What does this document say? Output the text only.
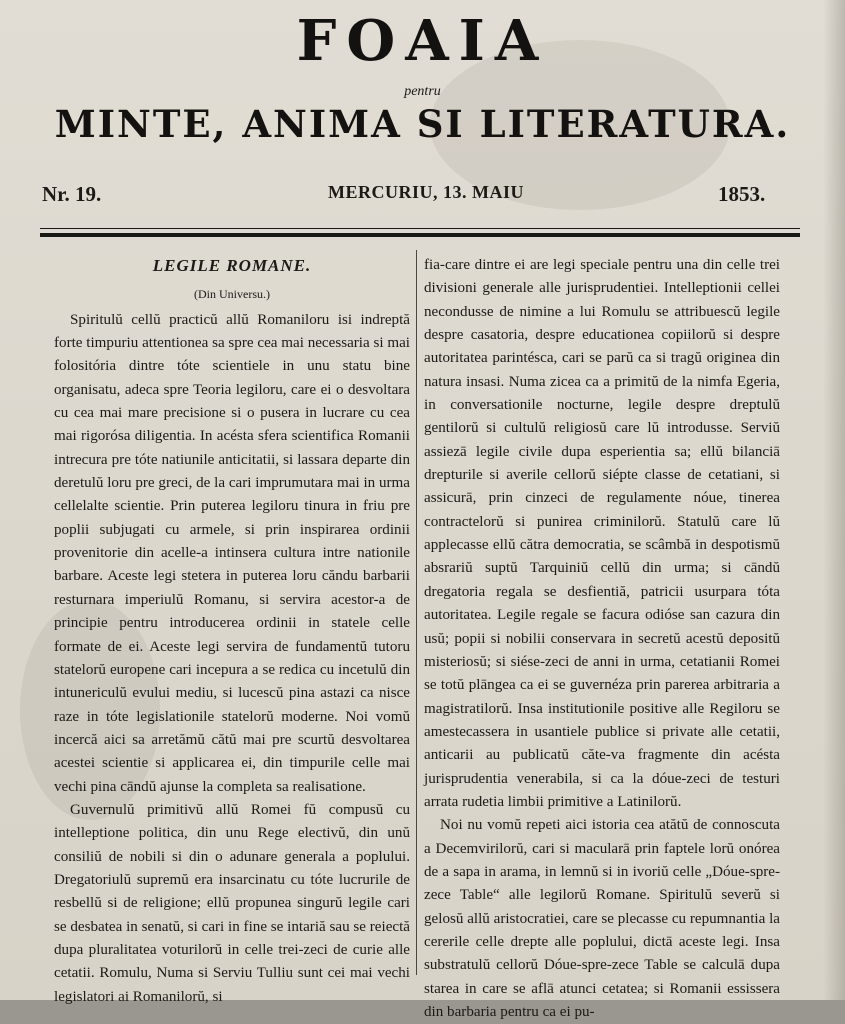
FOAIA
pentru
MINTE, ANIMA SI LITERATURA.
Nr. 19.	MERCURIU, 13. MAIU	1853.

LEGILE ROMANE.

(Din Universu.)

Spiritulŭ cellŭ practicŭ allŭ Romaniloru isi indreptă forte timpuriu attentionea sa spre cea mai necessaria si mai folositória dintre tóte scientiele in unu statu bine organisatu, adeca spre Teoria legiloru, care ei o desvoltara cu cea mai mare precisione si o pusera in lucrare cu cea mai rigorósa diligentia. In acésta sfera scientifica Romanii intrecura pre tóte natiunile anticitatii, si lassara departe din deretulŭ loru pre greci, de la cari imprumutara mai in urma cellelalte scientie. Prin puterea legiloru tinura in friu pre poplii subjugati cu armele, si prin inspirarea ordinii provenitorie din acelle-a intinsera cultura intre nationile barbare. Aceste legi stetera in puterea loru căndu barbarii resturnara imperiulŭ Romanu, si servira acestor-a de principie pentru introducerea ordinii in statele celle formate de ei. Aceste legi servira de fundamentŭ tutoru statelorŭ europene cari incepura a se redica cu incetulŭ din intunericulŭ evului mediu, si lucescŭ pina astazi ca nisce raze in tóte legislationile statelorŭ moderne. Noi vomŭ incercă aici sa arretămŭ cătŭ mai pre scurtŭ desvoltarea acestei scientie si applicarea ei, din timpurile celle mai vechi pina cāndŭ ajunse la completa sa realisatione.

Guvernulŭ primitivŭ allŭ Romei fŭ compusŭ cu intelleptione politica, din unu Rege electivŭ, din unŭ consiliŭ de nobili si din o adunare generala a poplului. Dregatoriulŭ supremŭ era insarcinatu cu tóte lucrurile de resbellŭ si de religione; ellŭ propunea singurŭ legile cari se desbatea in senatŭ, si cari in fine se intariă sau se reiectă dupa pluralitatea voturilorŭ in celle trei-zeci de curie alle cetatii. Romulu, Numa si Serviu Tulliu sunt cei mai vechi legislatori ai Romanilorŭ, si

fia-care dintre ei are legi speciale pentru una din celle trei divisioni generale alle jurisprudentiei. Intelleptionii cellei necondusse de nimine a lui Romulu se attribuescŭ legile despre casatoria, despre educationea copiilorŭ si despre autoritatea parintésca, cari se parŭ ca si tragŭ originea din natura insasi. Numa zicea ca a primitŭ de la nimfa Egeria, in conversationile nocturne, legile despre dreptulŭ gentilorŭ si cultulŭ religiosŭ care lŭ introdusse. Serviŭ assiezā legile civile dupa esperientia sa; ellŭ bilanciā drepturile si averile cellorŭ siépte classe de cetatiani, si assicurā, prin cinzeci de regulamente nóue, tinerea contractelorŭ si punirea criminilorŭ. Statulŭ care lŭ applecasse ellŭ cătra democratia, se scâmbă in despotismŭ absrariŭ suptŭ Tarquiniŭ cellŭ din urma; si cāndŭ dregatoria regala se desfientiă, patricii usurpara tóta autoritatea. Legile regale se facura odióse san cazura din usŭ; popii si nobilii conservara in secretŭ acestŭ depositŭ misteriosŭ; si siése-zeci de anni in urma, cetatianii Romei se totŭ plāngea ca ei se guvernéza prin parerea arbitraria a magistratilorŭ. Insa institutionile positive alle Regiloru se amestecassera in usantiele publice si private alle cetatii, anticarii au publicatŭ căte-va fragmente din acésta jurisprudentia venerabila, si ca la dóue-zeci de testuri arrata rudetia limbii primitive a Latinilorŭ.

Noi nu vomŭ repeti aici istoria cea atătŭ de connoscuta a Decemvirilorŭ, cari si macularā prin faptele lorŭ onórea de a sapa in arama, in lemnŭ si in ivoriŭ celle „Dóue-spre-zece Table“ alle legilorŭ Romane. Spiritulŭ severŭ si gelosŭ allŭ aristocratiei, care se plecasse cu repumnantia la cererile celle drepte alle poplului, dictā aceste legi. Insa substratulŭ cellorŭ Dóue-spre-zece Table se calculā dupa starea in care se aflā atunci cetatea; si Romanii essissera din barbaria pentru ca ei pu-
